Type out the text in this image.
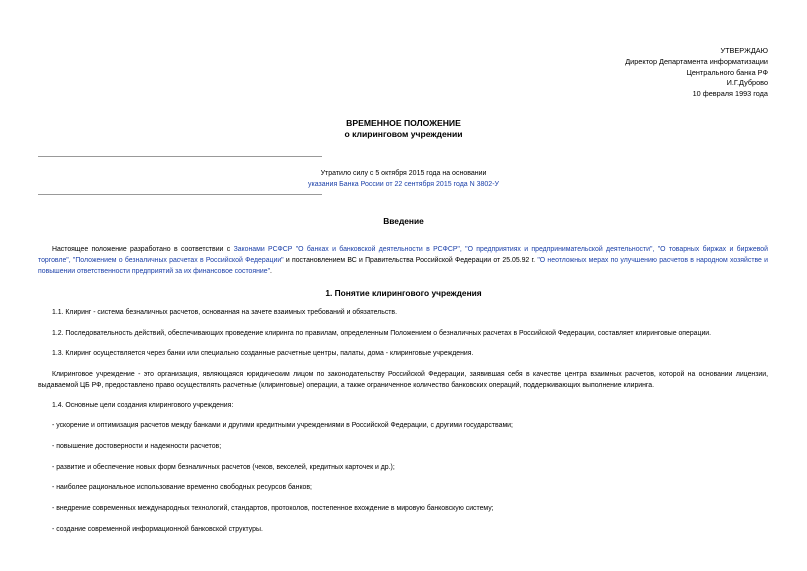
УТВЕРЖДАЮ
Директор Департамента информатизации
Центрального банка РФ
И.Г.Дуброво
10 февраля 1993 года
ВРЕМЕННОЕ ПОЛОЖЕНИЕ
о клиринговом учреждении
Утратило силу с 5 октября 2015 года на основании
указания Банка России от 22 сентября 2015 года N 3802-У
Введение

Настоящее положение разработано в соответствии с Законами РСФСР "О банках и банковской деятельности в РСФСР", "О предприятиях и предпринимательской деятельности", "О товарных биржах и биржевой торговле", "Положением о безналичных расчетах в Российской Федерации" и постановлением ВС и Правительства Российской Федерации от 25.05.92 г. "О неотложных мерах по улучшению расчетов в народном хозяйстве и повышении ответственности предприятий за их финансовое состояние".

1. Понятие клирингового учреждения

1.1. Клиринг - система безналичных расчетов, основанная на зачете взаимных требований и обязательств.

1.2. Последовательность действий, обеспечивающих проведение клиринга по правилам, определенным Положением о безналичных расчетах в Российской Федерации, составляет клиринговые операции.

1.3. Клиринг осуществляется через банки или специально созданные расчетные центры, палаты, дома - клиринговые учреждения.

Клиринговое учреждение - это организация, являющаяся юридическим лицом по законодательству Российской Федерации, заявившая себя в качестве центра взаимных расчетов, которой на основании лицензии, выдаваемой ЦБ РФ, предоставлено право осуществлять расчетные (клиринговые) операции, а также ограниченное количество банковских операций, поддерживающих выполнение клиринга.

1.4. Основные цели создания клирингового учреждения:

- ускорение и оптимизация расчетов между банками и другими кредитными учреждениями в Российской Федерации, с другими государствами;

- повышение достоверности и надежности расчетов;

- развитие и обеспечение новых форм безналичных расчетов (чеков, векселей, кредитных карточек и др.);

- наиболее рациональное использование временно свободных ресурсов банков;

- внедрение современных международных технологий, стандартов, протоколов, постепенное вхождение в мировую банковскую систему;

- создание современной информационной банковской структуры.
